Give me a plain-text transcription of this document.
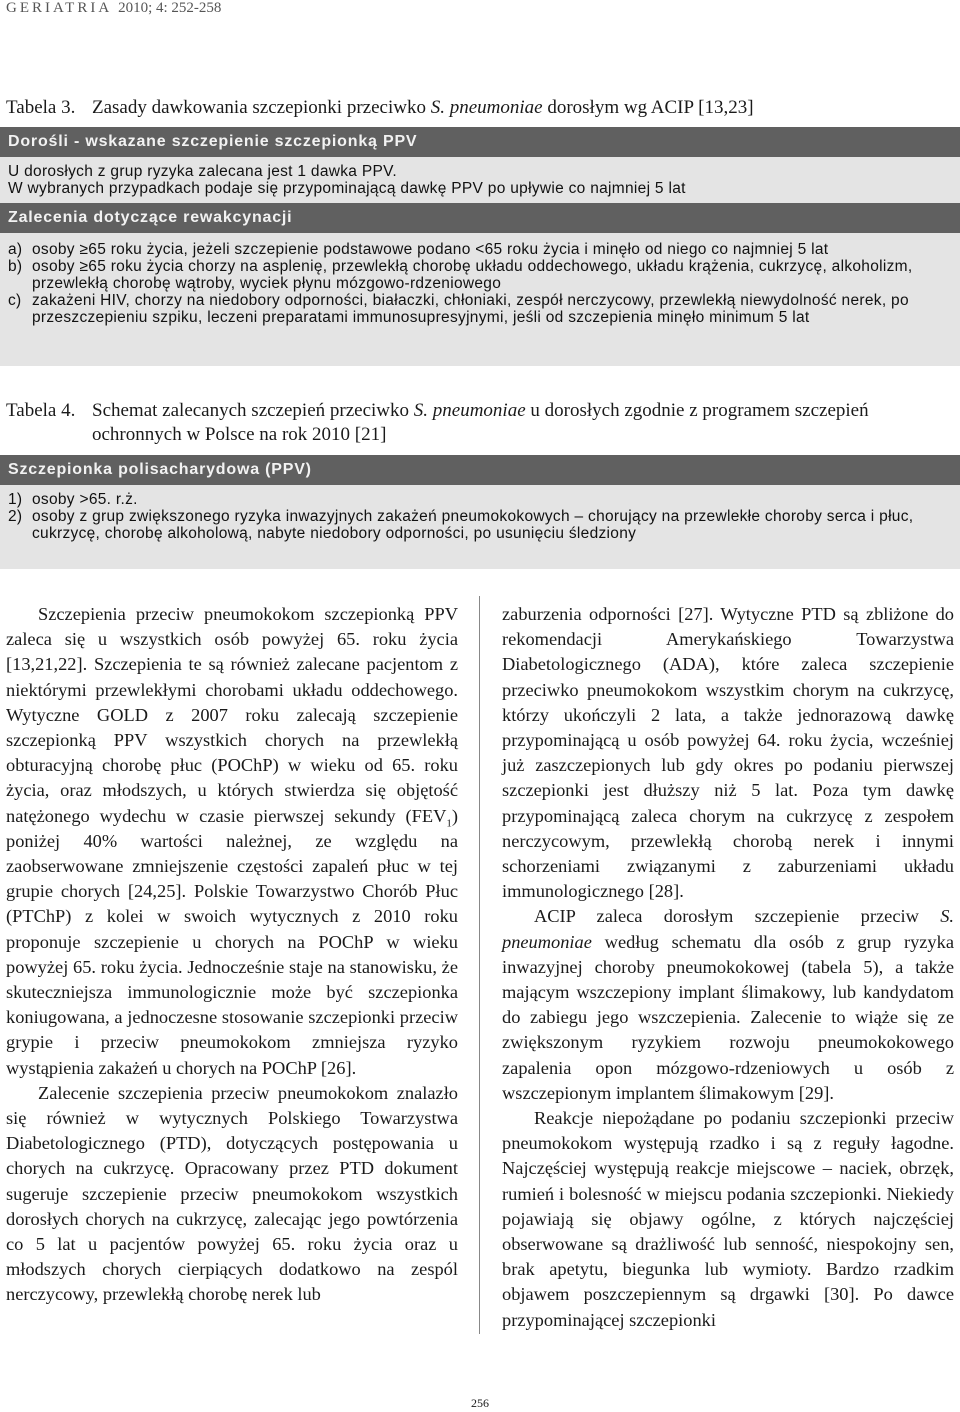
GERIATRIA 2010; 4: 252-258
Tabela 3. Zasady dawkowania szczepionki przeciwko S. pneumoniae dorosłym wg ACIP [13,23]
Dorośli - wskazane szczepienie szczepionką PPV
U dorosłych z grup ryzyka zalecana jest 1 dawka PPV.
W wybranych przypadkach podaje się przypominającą dawkę PPV po upływie co najmniej 5 lat
Zalecenia dotyczące rewakcynacji
a) osoby ≥65 roku życia, jeżeli szczepienie podstawowe podano <65 roku życia i minęło od niego co najmniej 5 lat
b) osoby ≥65 roku życia chorzy na asplenię, przewlekłą chorobę układu oddechowego, układu krążenia, cukrzycę, alkoholizm, przewlekłą chorobę wątroby, wyciek płynu mózgowo-rdzeniowego
c) zakażeni HIV, chorzy na niedobory odporności, białaczki, chłoniaki, zespół nerczycowy, przewlekłą niewydolność nerek, po przeszczepieniu szpiku, leczeni preparatami immunosupresyjnymi, jeśli od szczepienia minęło minimum 5 lat
Tabela 4. Schemat zalecanych szczepień przeciwko S. pneumoniae u dorosłych zgodnie z programem szczepień
ochronnych w Polsce na rok 2010 [21]
Szczepionka polisacharydowa (PPV)
1) osoby >65. r.ż.
2) osoby z grup zwiększonego ryzyka inwazyjnych zakażeń pneumokokowych – chorujący na przewlekłe choroby serca i płuc, cukrzycę, chorobę alkoholową, nabyte niedobory odporności, po usunięciu śledziony

Szczepienia przeciw pneumokokom szczepionką PPV zaleca się u wszystkich osób powyżej 65. roku życia [13,21,22]. Szczepienia te są również zalecane pacjentom z niektórymi przewlekłymi chorobami układu oddechowego. Wytyczne GOLD z 2007 roku zalecają szczepienie szczepionką PPV wszystkich chorych na przewlekłą obturacyjną chorobę płuc (POChP) w wieku od 65. roku życia, oraz młodszych, u których stwierdza się objętość natężonego wydechu w czasie pierwszej sekundy $(FEV_1)$ poniżej 40% wartości należnej, ze względu na zaobserwowane zmniejszenie częstości zapaleń płuc w tej grupie chorych [24,25]. Polskie Towarzystwo Chorób Płuc (PTChP) z kolei w swoich wytycznych z 2010 roku proponuje szczepienie u chorych na POChP w wieku powyżej 65. roku życia. Jednocześnie staje na stanowisku, że skuteczniejsza immunologicznie może być szczepionka koniugowana, a jednoczesne stosowanie szczepionki przeciw grypie i przeciw pneumokokom zmniejsza ryzyko wystąpienia zakażeń u chorych na POChP [26].

Zalecenie szczepienia przeciw pneumokokom znalazło się również w wytycznych Polskiego Towarzystwa Diabetologicznego (PTD), dotyczących postępowania u chorych na cukrzycę. Opracowany przez PTD dokument sugeruje szczepienie przeciw pneumokokom wszystkich dorosłych chorych na cukrzycę, zalecając jego powtórzenia co 5 lat u pacjentów powyżej 65. roku życia oraz u młodszych chorych cierpiących dodatkowo na zespól nerczycowy, przewlekłą chorobę nerek lub

zaburzenia odporności [27]. Wytyczne PTD są zbliżone do rekomendacji Amerykańskiego Towarzystwa Diabetologicznego (ADA), które zaleca szczepienie przeciwko pneumokokom wszystkim chorym na cukrzycę, którzy ukończyli 2 lata, a także jednorazową dawkę przypominającą u osób powyżej 64. roku życia, wcześniej już zaszczepionych lub gdy okres po podaniu pierwszej szczepionki jest dłuższy niż 5 lat. Poza tym dawkę przypominającą zaleca chorym na cukrzycę z zespołem nerczycowym, przewlekłą chorobą nerek i innymi schorzeniami związanymi z zaburzeniami układu immunologicznego [28].

ACIP zaleca dorosłym szczepienie przeciw S. pneumoniae według schematu dla osób z grup ryzyka inwazyjnej choroby pneumokokowej (tabela 5), a także mającym wszczepiony implant ślimakowy, lub kandydatom do zabiegu jego wszczepienia. Zalecenie to wiąże się ze zwiększonym ryzykiem rozwoju pneumokokowego zapalenia opon mózgowo-rdzeniowych u osób z wszczepionym implantem ślimakowym [29].

Reakcje niepożądane po podaniu szczepionki przeciw pneumokokom występują rzadko i są z reguły łagodne. Najczęściej występują reakcje miejscowe – naciek, obrzęk, rumień i bolesność w miejscu podania szczepionki. Niekiedy pojawiają się objawy ogólne, z których najczęściej obserwowane są drażliwość lub senność, niespokojny sen, brak apetytu, biegunka lub wymioty. Bardzo rzadkim objawem poszczepiennym są drgawki [30]. Po dawce przypominającej szczepionki

256
